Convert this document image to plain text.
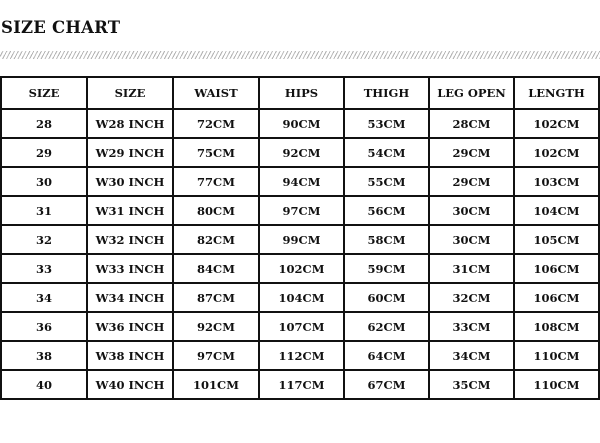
SIZE CHART
SIZE	SIZE	WAIST	HIPS	THIGH	LEG OPEN	LENGTH
28	W28 INCH	72CM	90CM	53CM	28CM	102CM
29	W29 INCH	75CM	92CM	54CM	29CM	102CM
30	W30 INCH	77CM	94CM	55CM	29CM	103CM
31	W31 INCH	80CM	97CM	56CM	30CM	104CM
32	W32 INCH	82CM	99CM	58CM	30CM	105CM
33	W33 INCH	84CM	102CM	59CM	31CM	106CM
34	W34 INCH	87CM	104CM	60CM	32CM	106CM
36	W36 INCH	92CM	107CM	62CM	33CM	108CM
38	W38 INCH	97CM	112CM	64CM	34CM	110CM
40	W40 INCH	101CM	117CM	67CM	35CM	110CM
